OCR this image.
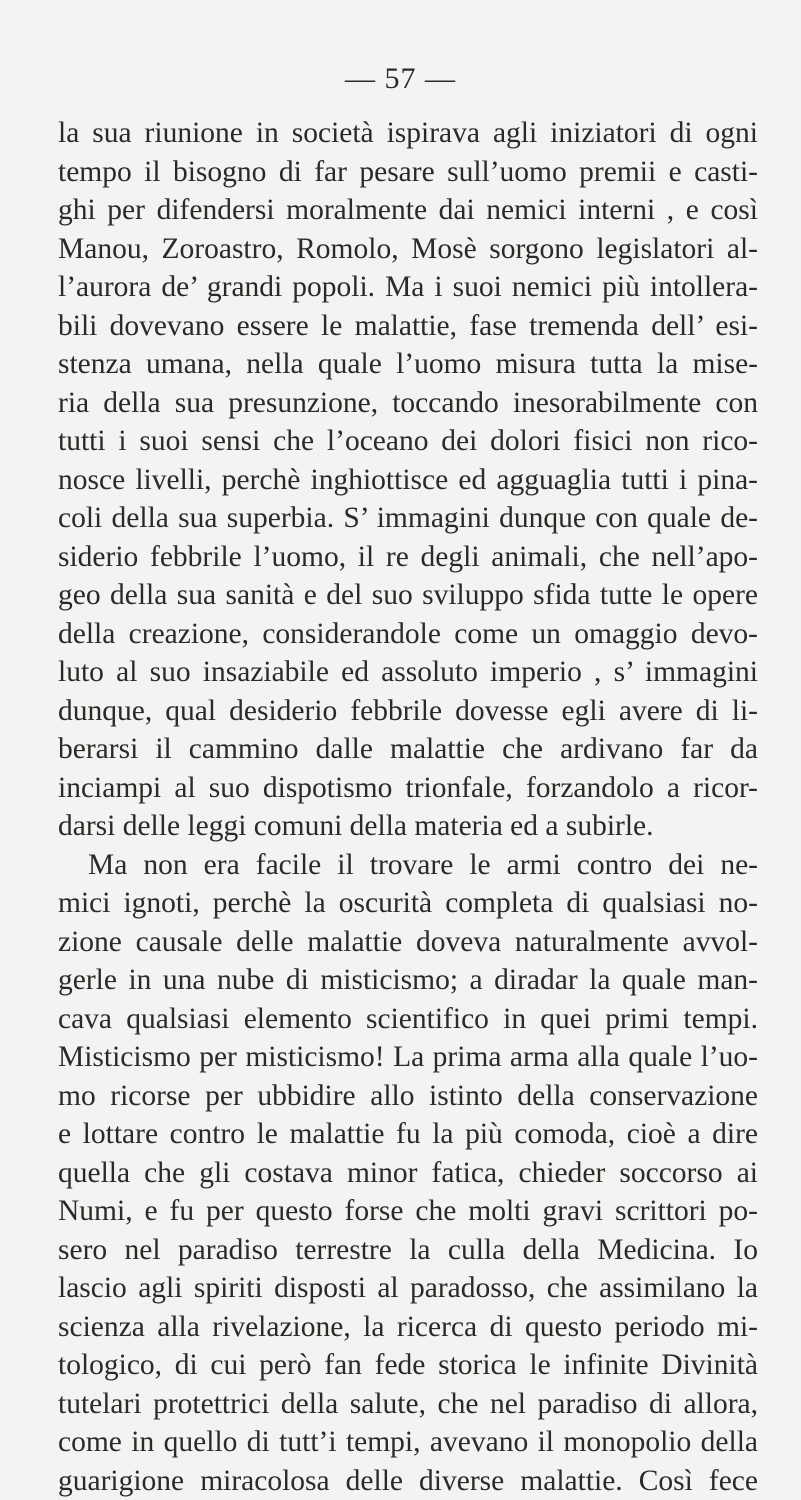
— 57 —
la sua riunione in società ispirava agli iniziatori di ogni
tempo il bisogno di far pesare sull’uomo premii e casti-
ghi per difendersi moralmente dai nemici interni , e così
Manou, Zoroastro, Romolo, Mosè sorgono legislatori al-
l’aurora de’ grandi popoli. Ma i suoi nemici più intollera-
bili dovevano essere le malattie, fase tremenda dell’ esi-
stenza umana, nella quale l’uomo misura tutta la mise-
ria della sua presunzione, toccando inesorabilmente con
tutti i suoi sensi che l’oceano dei dolori fisici non rico-
nosce livelli, perchè inghiottisce ed agguaglia tutti i pina-
coli della sua superbia. S’ immagini dunque con quale de-
siderio febbrile l’uomo, il re degli animali, che nell’apo-
geo della sua sanità e del suo sviluppo sfida tutte le opere
della creazione, considerandole come un omaggio devo-
luto al suo insaziabile ed assoluto imperio , s’ immagini
dunque, qual desiderio febbrile dovesse egli avere di li-
berarsi il cammino dalle malattie che ardivano far da
inciampi al suo dispotismo trionfale, forzandolo a ricor-
darsi delle leggi comuni della materia ed a subirle.
Ma non era facile il trovare le armi contro dei ne-
mici ignoti, perchè la oscurità completa di qualsiasi no-
zione causale delle malattie doveva naturalmente avvol-
gerle in una nube di misticismo; a diradar la quale man-
cava qualsiasi elemento scientifico in quei primi tempi.
Misticismo per misticismo! La prima arma alla quale l’uo-
mo ricorse per ubbidire allo istinto della conservazione
e lottare contro le malattie fu la più comoda, cioè a dire
quella che gli costava minor fatica, chieder soccorso ai
Numi, e fu per questo forse che molti gravi scrittori po-
sero nel paradiso terrestre la culla della Medicina. Io
lascio agli spiriti disposti al paradosso, che assimilano la
scienza alla rivelazione, la ricerca di questo periodo mi-
tologico, di cui però fan fede storica le infinite Divinità
tutelari protettrici della salute, che nel paradiso di allora,
come in quello di tutt’i tempi, avevano il monopolio della
guarigione miracolosa delle diverse malattie. Così fece
